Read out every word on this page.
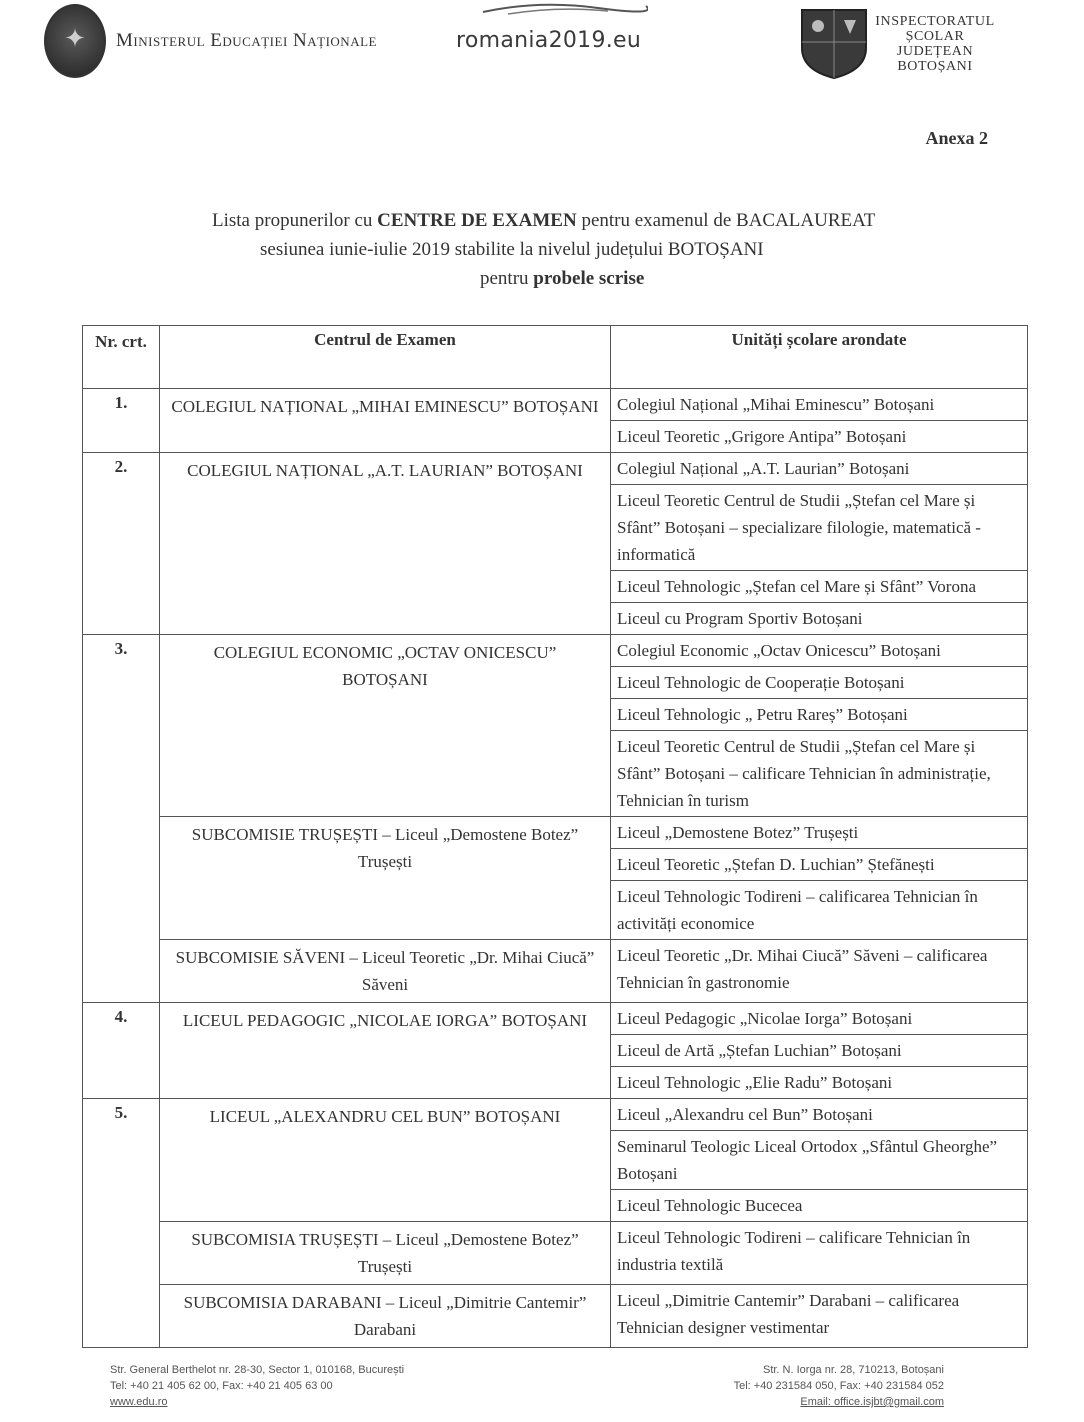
✦	Ministerul Educației Naționale	romania2019.eu
INSPECTORATUL
ȘCOLAR
JUDEȚEAN
BOTOȘANI
Anexa 2
Lista propunerilor cu CENTRE DE EXAMEN pentru examenul de BACALAUREAT
sesiunea iunie-iulie 2019 stabilite la nivelul județului BOTOȘANI
pentru probele scrise
Nr. crt.	Centrul de Examen	Unități școlare arondate
1.	COLEGIUL NAȚIONAL „MIHAI EMINESCU” BOTOȘANI	Colegiul Național „Mihai Eminescu” Botoșani
		Liceul Teoretic „Grigore Antipa” Botoșani
2.	COLEGIUL NAȚIONAL „A.T. LAURIAN” BOTOȘANI	Colegiul Național „A.T. Laurian” Botoșani
		Liceul Teoretic Centrul de Studii „Ștefan cel Mare și Sfânt” Botoșani – specializare filologie, matematică - informatică
		Liceul Tehnologic „Ștefan cel Mare și Sfânt” Vorona
		Liceul cu Program Sportiv Botoșani
3.	COLEGIUL ECONOMIC „OCTAV ONICESCU” BOTOȘANI	Colegiul Economic „Octav Onicescu” Botoșani
		Liceul Tehnologic de Cooperație Botoșani
		Liceul Tehnologic „ Petru Rareș” Botoșani
		Liceul Teoretic Centrul de Studii „Ștefan cel Mare și Sfânt” Botoșani – calificare Tehnician în administrație, Tehnician în turism
	SUBCOMISIE TRUȘEȘTI – Liceul „Demostene Botez” Trușești	Liceul „Demostene Botez” Trușești
		Liceul Teoretic „Ștefan D. Luchian” Ștefănești
		Liceul Tehnologic Todireni – calificarea Tehnician în activități economice
	SUBCOMISIE SĂVENI – Liceul Teoretic „Dr. Mihai Ciucă” Săveni	Liceul Teoretic „Dr. Mihai Ciucă” Săveni – calificarea Tehnician în gastronomie
4.	LICEUL PEDAGOGIC „NICOLAE IORGA” BOTOȘANI	Liceul Pedagogic „Nicolae Iorga” Botoșani
		Liceul de Artă „Ștefan Luchian” Botoșani
		Liceul Tehnologic „Elie Radu” Botoșani
5.	LICEUL „ALEXANDRU CEL BUN” BOTOȘANI	Liceul „Alexandru cel Bun” Botoșani
		Seminarul Teologic Liceal Ortodox „Sfântul Gheorghe” Botoșani
		Liceul Tehnologic Bucecea
	SUBCOMISIA TRUȘEȘTI – Liceul „Demostene Botez” Trușești	Liceul Tehnologic Todireni – calificare Tehnician în industria textilă
	SUBCOMISIA DARABANI – Liceul „Dimitrie Cantemir” Darabani	Liceul „Dimitrie Cantemir” Darabani – calificarea Tehnician designer vestimentar
Str. General Berthelot nr. 28-30, Sector 1, 010168, București
Tel: +40 21 405 62 00, Fax: +40 21 405 63 00
www.edu.ro
Str. N. Iorga nr. 28, 710213, Botoșani
Tel: +40 231584 050, Fax: +40 231584 052
Email: office.isjbt@gmail.com
